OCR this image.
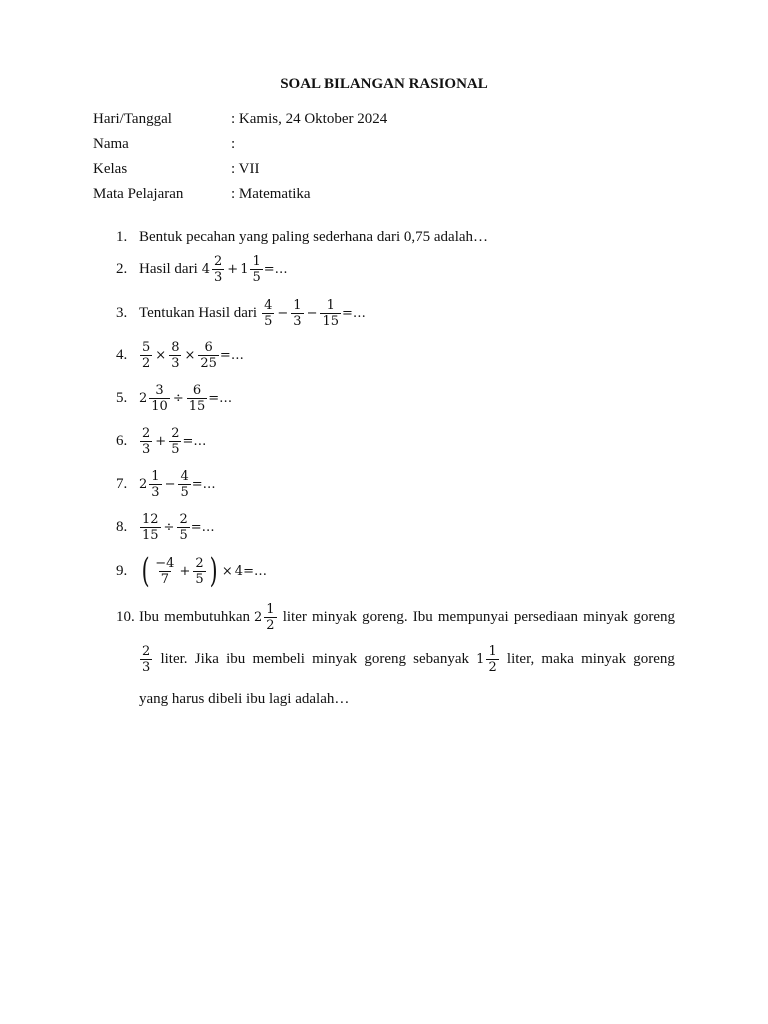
SOAL BILANGAN RASIONAL
Hari/Tanggal	: Kamis, 24 Oktober 2024
Nama	:
Kelas	: VII
Mata Pelajaran	: Matematika
1. Bentuk pecahan yang paling sederhana dari 0,75 adalah…
2. Hasil dari $4 \frac{2}{3} + 1 \frac{1}{5}$ =…
3. Tentukan Hasil dari $\frac{4}{5} - \frac{1}{3} - \frac{1}{15}$ =…
4. $\frac{5}{2} \times \frac{8}{3} \times \frac{6}{25}$ =…
5. $2 \frac{3}{10} \div \frac{6}{15}$ =…
6. $\frac{2}{3} + \frac{2}{5}$ =…
7. $2 \frac{1}{3} - \frac{4}{5}$ =…
8. $\frac{12}{15} \div \frac{2}{5}$ =…
9. ( $\frac{-4}{7} + \frac{2}{5}$ ) × 4 =…
10. Ibu membutuhkan $2 \frac{1}{2}$ liter minyak goreng. Ibu mempunyai persediaan minyak goreng
$\frac{2}{3}$ liter. Jika ibu membeli minyak goreng sebanyak $1 \frac{1}{2}$ liter, maka minyak goreng
yang harus dibeli ibu lagi adalah…
